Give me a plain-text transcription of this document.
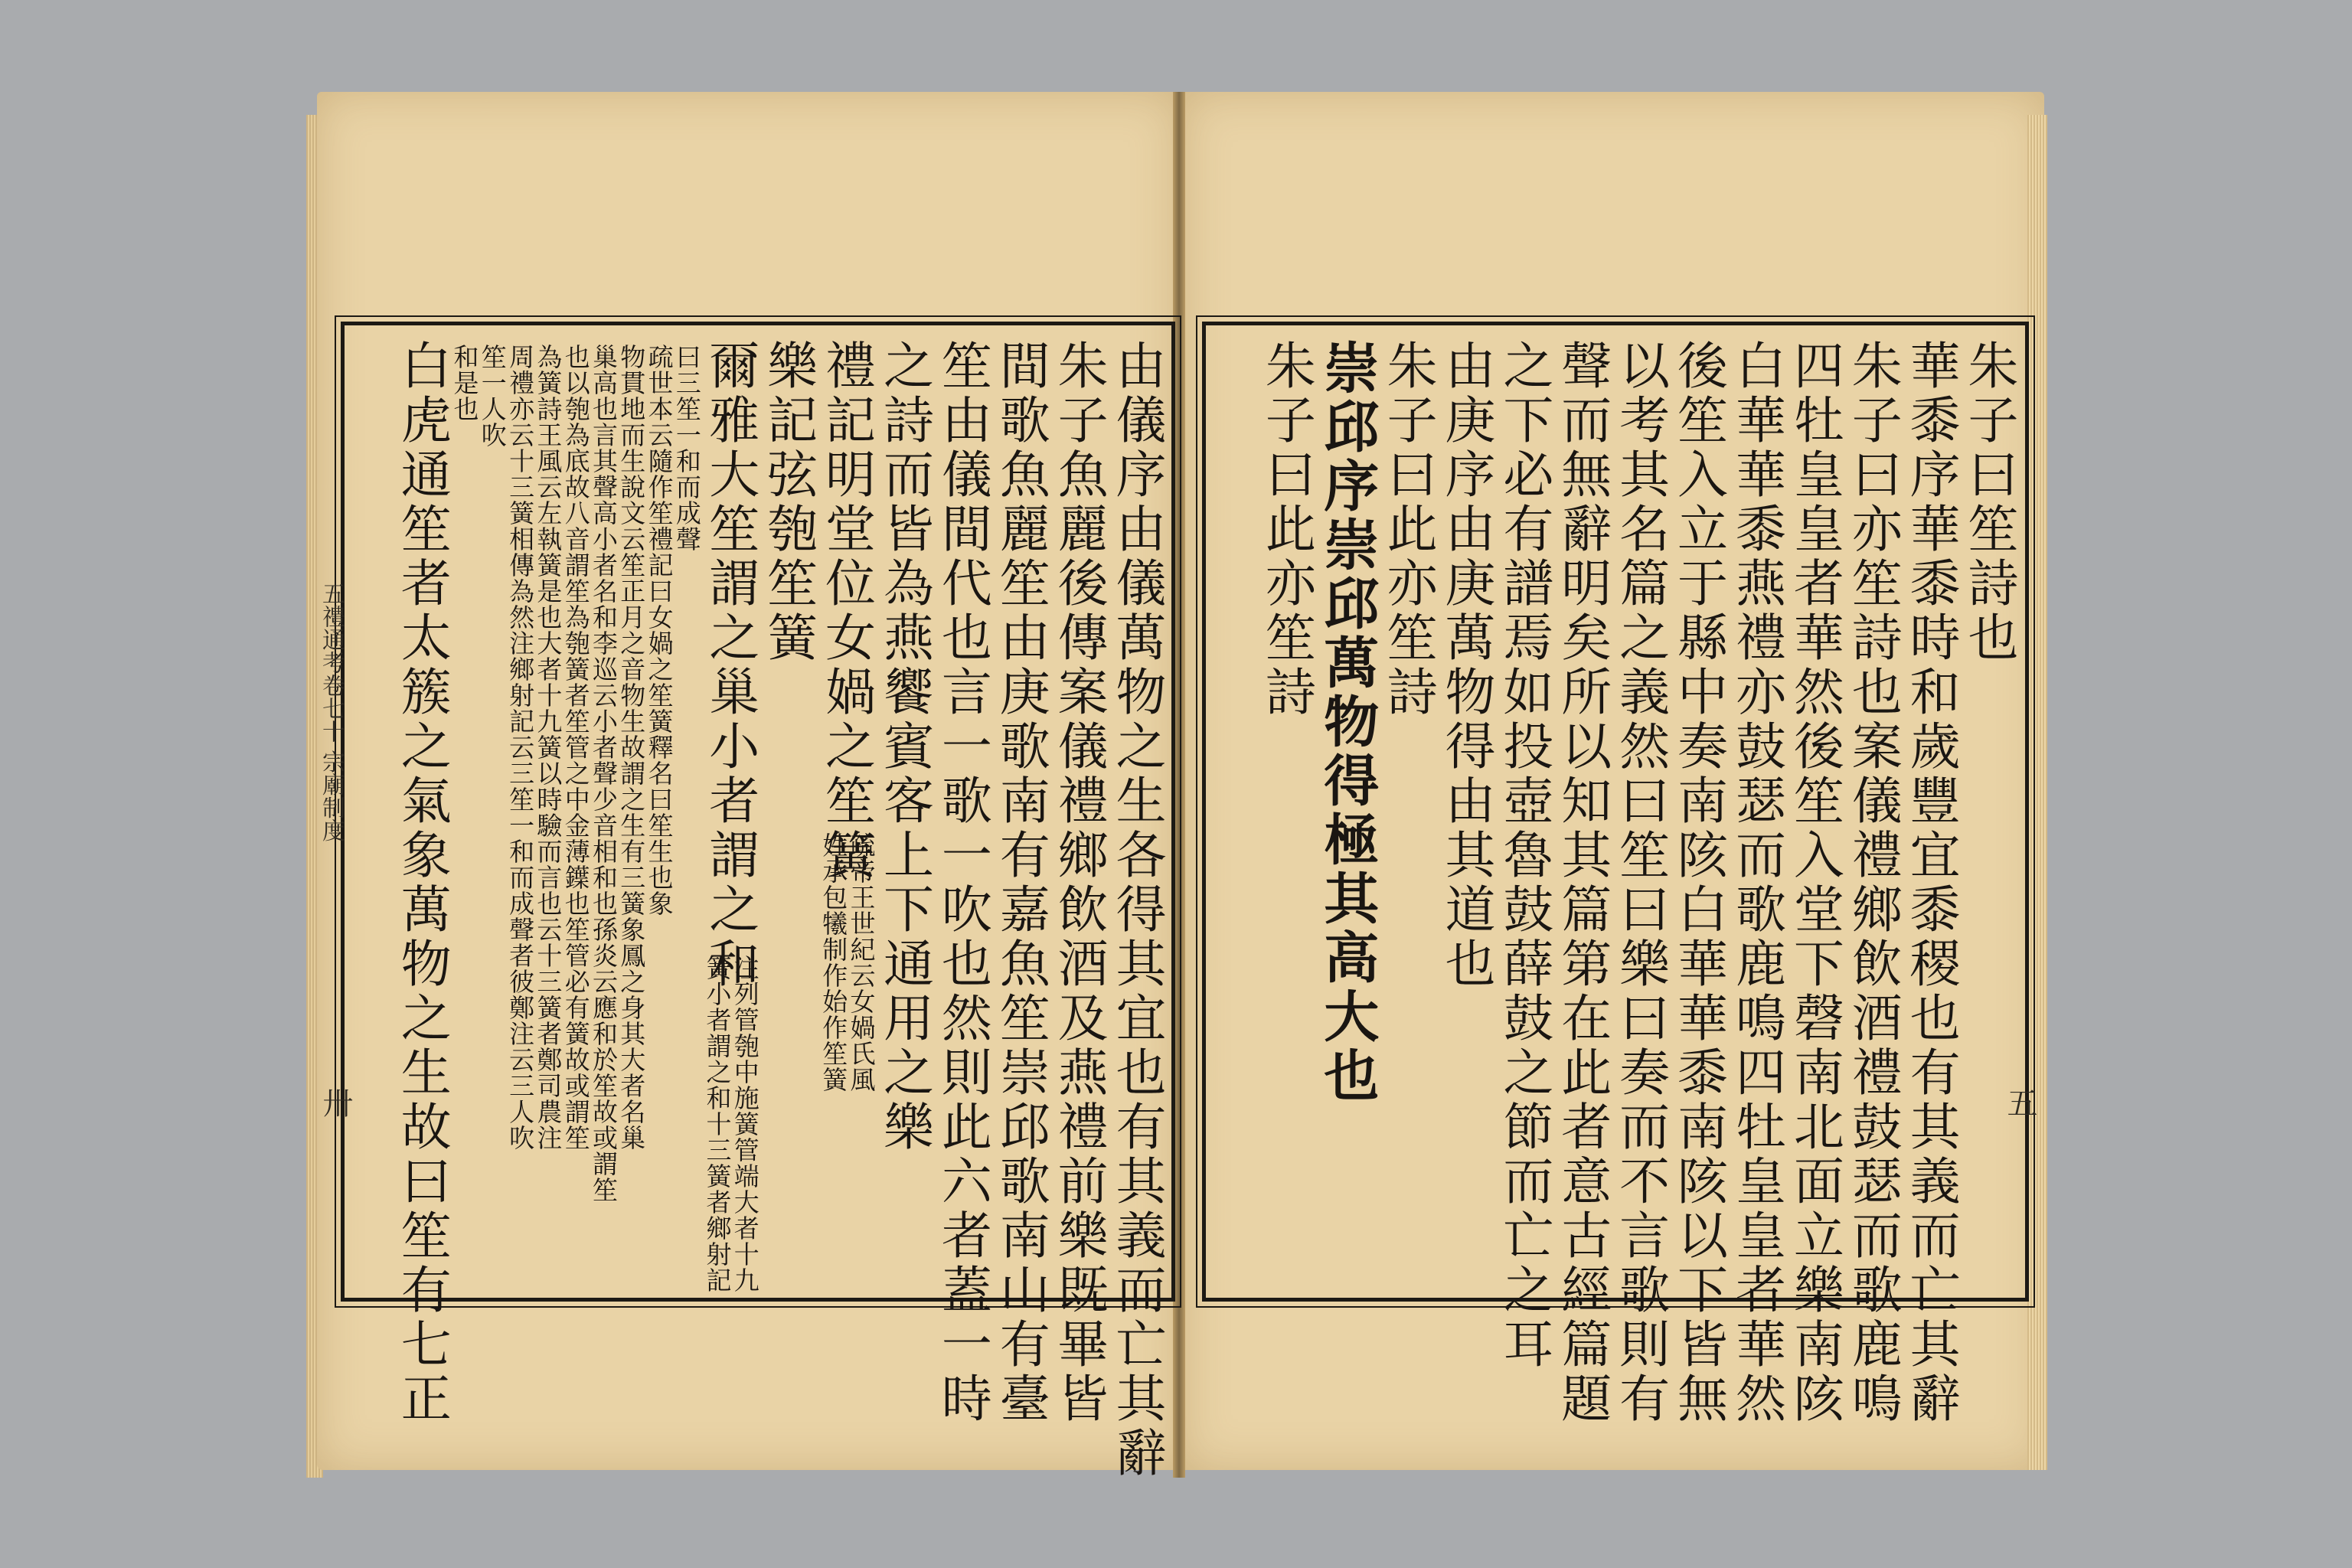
朱子曰笙詩也
華黍序華黍時和歲豐宜黍稷也有其義而亡其辭
朱子曰亦笙詩也案儀禮鄉飲酒禮鼓瑟而歌鹿鳴
四牡皇皇者華然後笙入堂下磬南北面立樂南陔
白華華黍燕禮亦鼓瑟而歌鹿鳴四牡皇皇者華然
後笙入立于縣中奏南陔白華華黍南陔以下皆無
以考其名篇之義然曰笙曰樂曰奏而不言歌則有
聲而無辭明矣所以知其篇第在此者意古經篇題
之下必有譜焉如投壺魯鼓薛鼓之節而亡之耳
由庚序由庚萬物得由其道也
朱子曰此亦笙詩
崇邱序崇邱萬物得極其高大也
朱子曰此亦笙詩
五
由儀序由儀萬物之生各得其宜也有其義而亡其辭
朱子魚麗後傳案儀禮鄉飲酒及燕禮前樂既畢皆
間歌魚麗笙由庚歌南有嘉魚笙崇邱歌南山有臺
笙由儀間代也言一歌一吹也然則此六者蓋一時
之詩而皆為燕饗賓客上下通用之樂
禮記明堂位女媧之笙簧
疏帝王世紀云女媧氏風
姓承包犧制作始作笙簧
樂記弦匏笙簧
爾雅大笙謂之巢小者謂之和
注列管匏中施簧管端大者十九
簧小者謂之和十三簧者鄉射記
曰三笙一和而成聲
疏世本云隨作笙禮記曰女媧之笙簧釋名曰笙生也象
物貫地而生說文云笙正月之音物生故謂之生有三簧象鳳之身其大者名巢
巢高也言其聲高小者名和李巡云小者聲少音相和也孫炎云應和於笙故或謂笙
也以匏為底故八音謂笙為匏簧者笙管之中金薄鐷也笙管必有簧故或謂笙
為簧詩王風云左執簧是也大者十九簧以時驗而言也云十三簧者鄭司農注
周禮亦云十三簧相傳為然注鄉射記云三笙一和而成聲者彼鄭注云三人吹
笙一人吹
和是也
白虎通笙者太簇之氣象萬物之生故曰笙有七正
五禮通考卷七十 宗廟制度
卅
